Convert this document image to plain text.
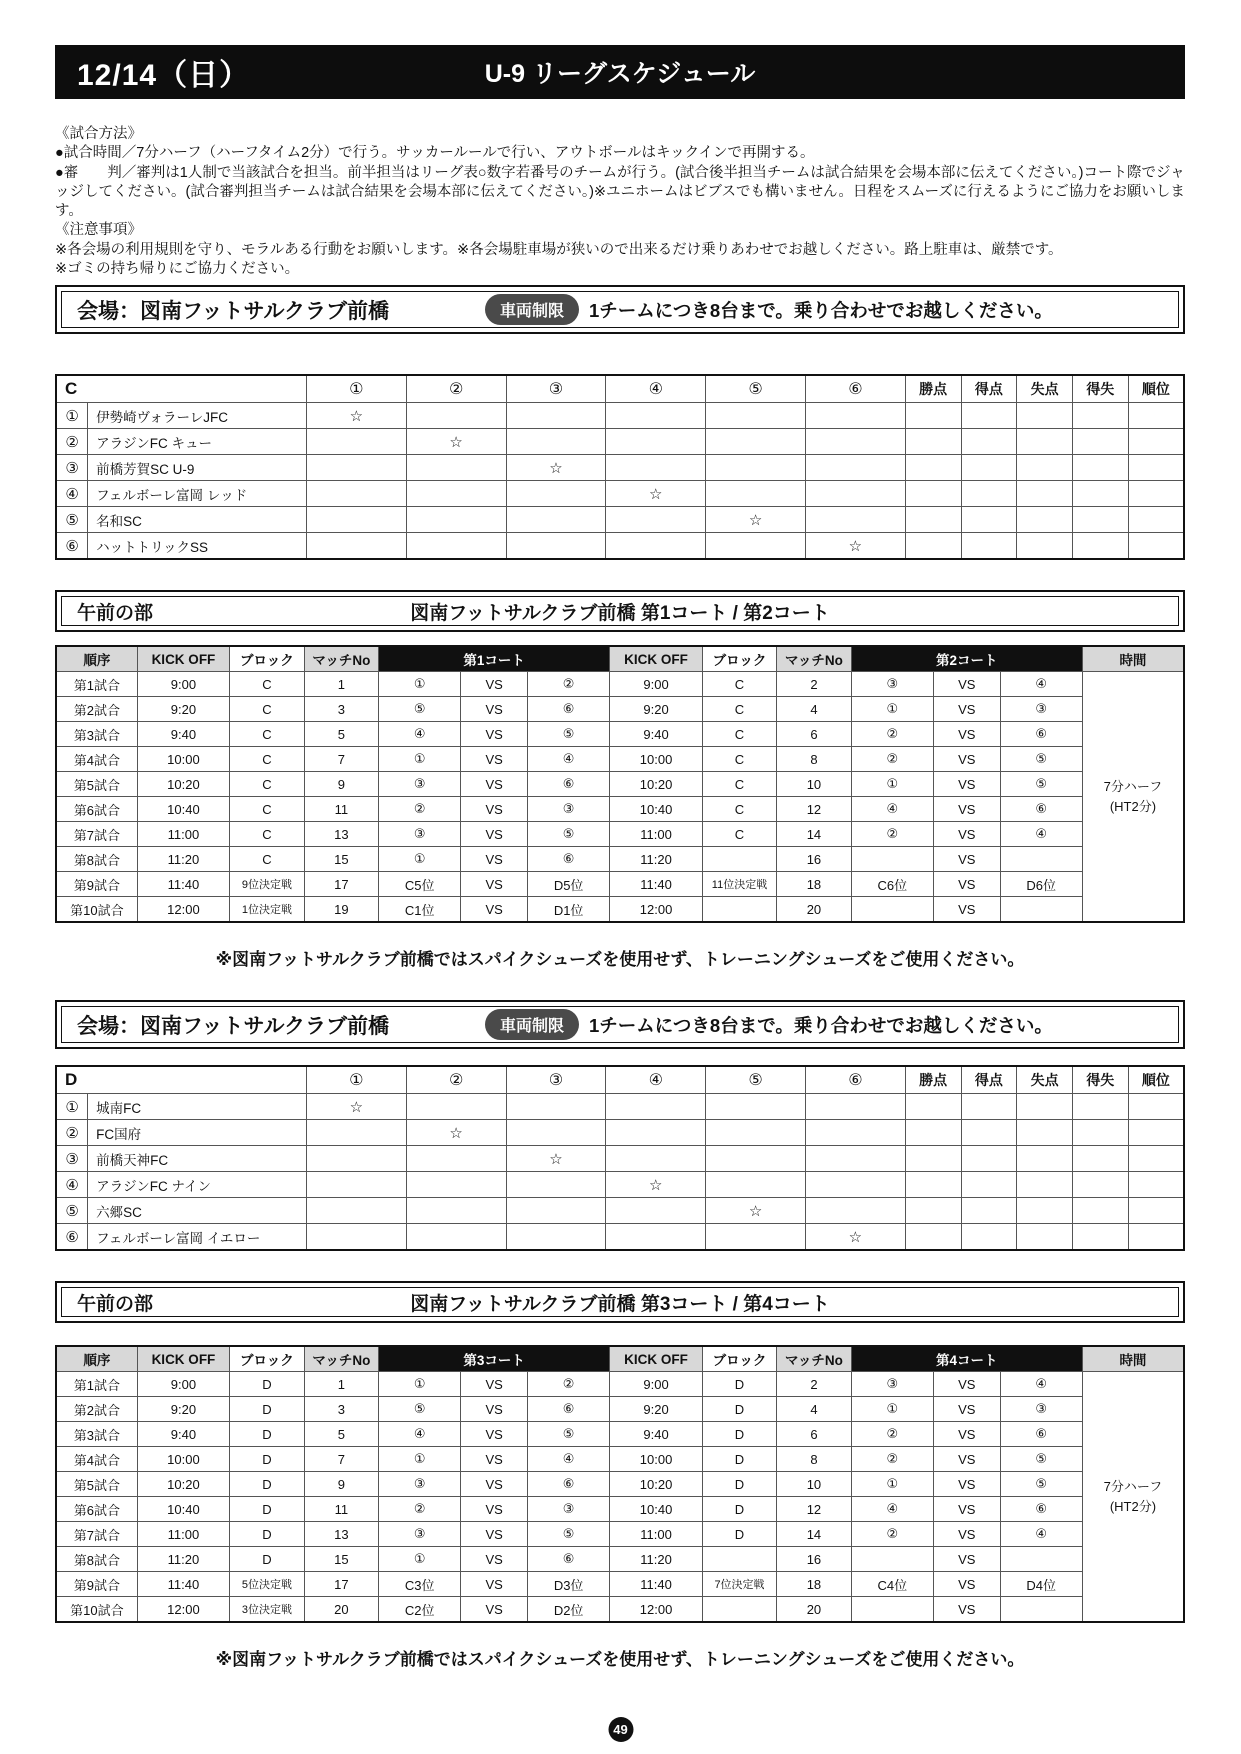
12/14（日）	U-9 リーグスケジュール

《試合方法》

●試合時間／7分ハーフ（ハーフタイム2分）で行う。サッカールールで行い、アウトボールはキックインで再開する。

●審　　判／審判は1人制で当該試合を担当。前半担当はリーグ表○数字若番号のチームが行う。(試合後半担当チームは試合結果を会場本部に伝えてください。)コート際でジャッジしてください。(試合審判担当チームは試合結果を会場本部に伝えてください。)※ユニホームはビブスでも構いません。日程をスムーズに行えるようにご協力をお願いします。

《注意事項》

※各会場の利用規則を守り、モラルある行動をお願いします。※各会場駐車場が狭いので出来るだけ乗りあわせでお越しください。路上駐車は、厳禁です。

※ゴミの持ち帰りにご協力ください。

会場：図南フットサルクラブ前橋	車両制限	1チームにつき8台まで。乗り合わせでお越しください。
C		①	②	③	④	⑤	⑥	勝点	得点	失点	得失	順位
①	伊勢崎ヴォラーレJFC	☆										
②	アラジンFC キュー		☆									
③	前橋芳賀SC U-9			☆								
④	フェルボーレ富岡 レッド				☆							
⑤	名和SC					☆						
⑥	ハットトリックSS						☆					
午前の部	図南フットサルクラブ前橋 第1コート / 第2コート
順序	KICK OFF	ブロック	マッチNo	第1コート			KICK OFF	ブロック	マッチNo	第2コート			時間
第1試合	9:00	C	1	①	VS	②	9:00	C	2	③	VS	④	7分ハーフ
(HT2分)

第2試合	9:20	C	3	⑤	VS	⑥	9:20	C	4	①	VS	③	
第3試合	9:40	C	5	④	VS	⑤	9:40	C	6	②	VS	⑥	
第4試合	10:00	C	7	①	VS	④	10:00	C	8	②	VS	⑤	
第5試合	10:20	C	9	③	VS	⑥	10:20	C	10	①	VS	⑤	
第6試合	10:40	C	11	②	VS	③	10:40	C	12	④	VS	⑥	
第7試合	11:00	C	13	③	VS	⑤	11:00	C	14	②	VS	④	
第8試合	11:20	C	15	①	VS	⑥	11:20		16		VS		
第9試合	11:40	9位決定戦	17	C5位	VS	D5位	11:40	11位決定戦	18	C6位	VS	D6位	
第10試合	12:00	1位決定戦	19	C1位	VS	D1位	12:00		20		VS		
※図南フットサルクラブ前橋ではスパイクシューズを使用せず、トレーニングシューズをご使用ください。
会場：図南フットサルクラブ前橋	車両制限	1チームにつき8台まで。乗り合わせでお越しください。
D		①	②	③	④	⑤	⑥	勝点	得点	失点	得失	順位
①	城南FC	☆										
②	FC国府		☆									
③	前橋天神FC			☆								
④	アラジンFC ナイン				☆							
⑤	六郷SC					☆						
⑥	フェルボーレ富岡 イエロー						☆					
午前の部	図南フットサルクラブ前橋 第3コート / 第4コート
順序	KICK OFF	ブロック	マッチNo	第3コート			KICK OFF	ブロック	マッチNo	第4コート			時間
第1試合	9:00	D	1	①	VS	②	9:00	D	2	③	VS	④	7分ハーフ
(HT2分)

第2試合	9:20	D	3	⑤	VS	⑥	9:20	D	4	①	VS	③	
第3試合	9:40	D	5	④	VS	⑤	9:40	D	6	②	VS	⑥	
第4試合	10:00	D	7	①	VS	④	10:00	D	8	②	VS	⑤	
第5試合	10:20	D	9	③	VS	⑥	10:20	D	10	①	VS	⑤	
第6試合	10:40	D	11	②	VS	③	10:40	D	12	④	VS	⑥	
第7試合	11:00	D	13	③	VS	⑤	11:00	D	14	②	VS	④	
第8試合	11:20	D	15	①	VS	⑥	11:20		16		VS		
第9試合	11:40	5位決定戦	17	C3位	VS	D3位	11:40	7位決定戦	18	C4位	VS	D4位	
第10試合	12:00	3位決定戦	20	C2位	VS	D2位	12:00		20		VS		
※図南フットサルクラブ前橋ではスパイクシューズを使用せず、トレーニングシューズをご使用ください。
49
